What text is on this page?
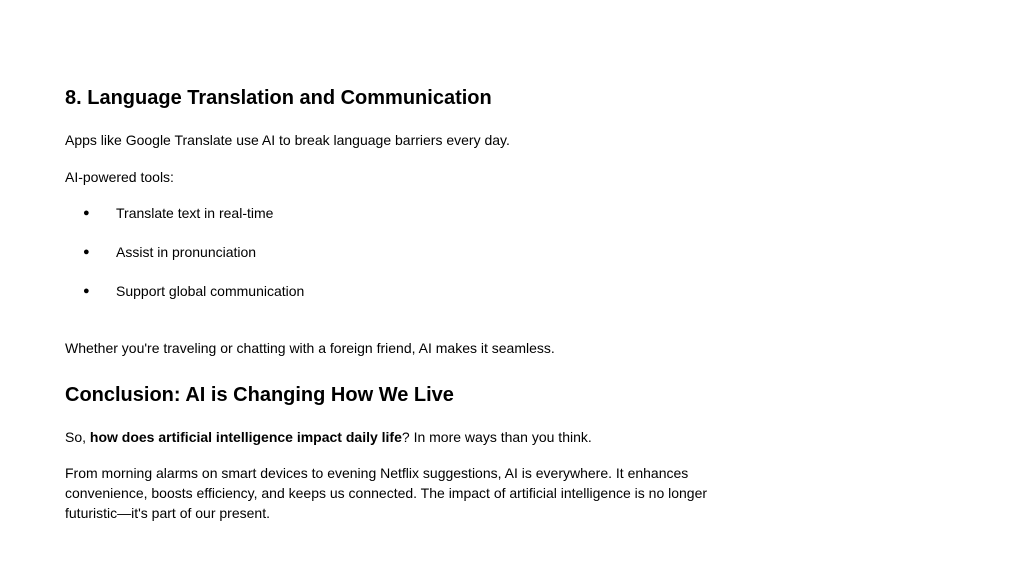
8. Language Translation and Communication

Apps like Google Translate use AI to break language barriers every day.

AI-powered tools:

● Translate text in real-time
● Assist in pronunciation
● Support global communication

Whether you're traveling or chatting with a foreign friend, AI makes it seamless.

Conclusion: AI is Changing How We Live

So, how does artificial intelligence impact daily life? In more ways than you think.

From morning alarms on smart devices to evening Netflix suggestions, AI is everywhere. It enhances convenience, boosts efficiency, and keeps us connected. The impact of artificial intelligence is no longer futuristic—it's part of our present.
